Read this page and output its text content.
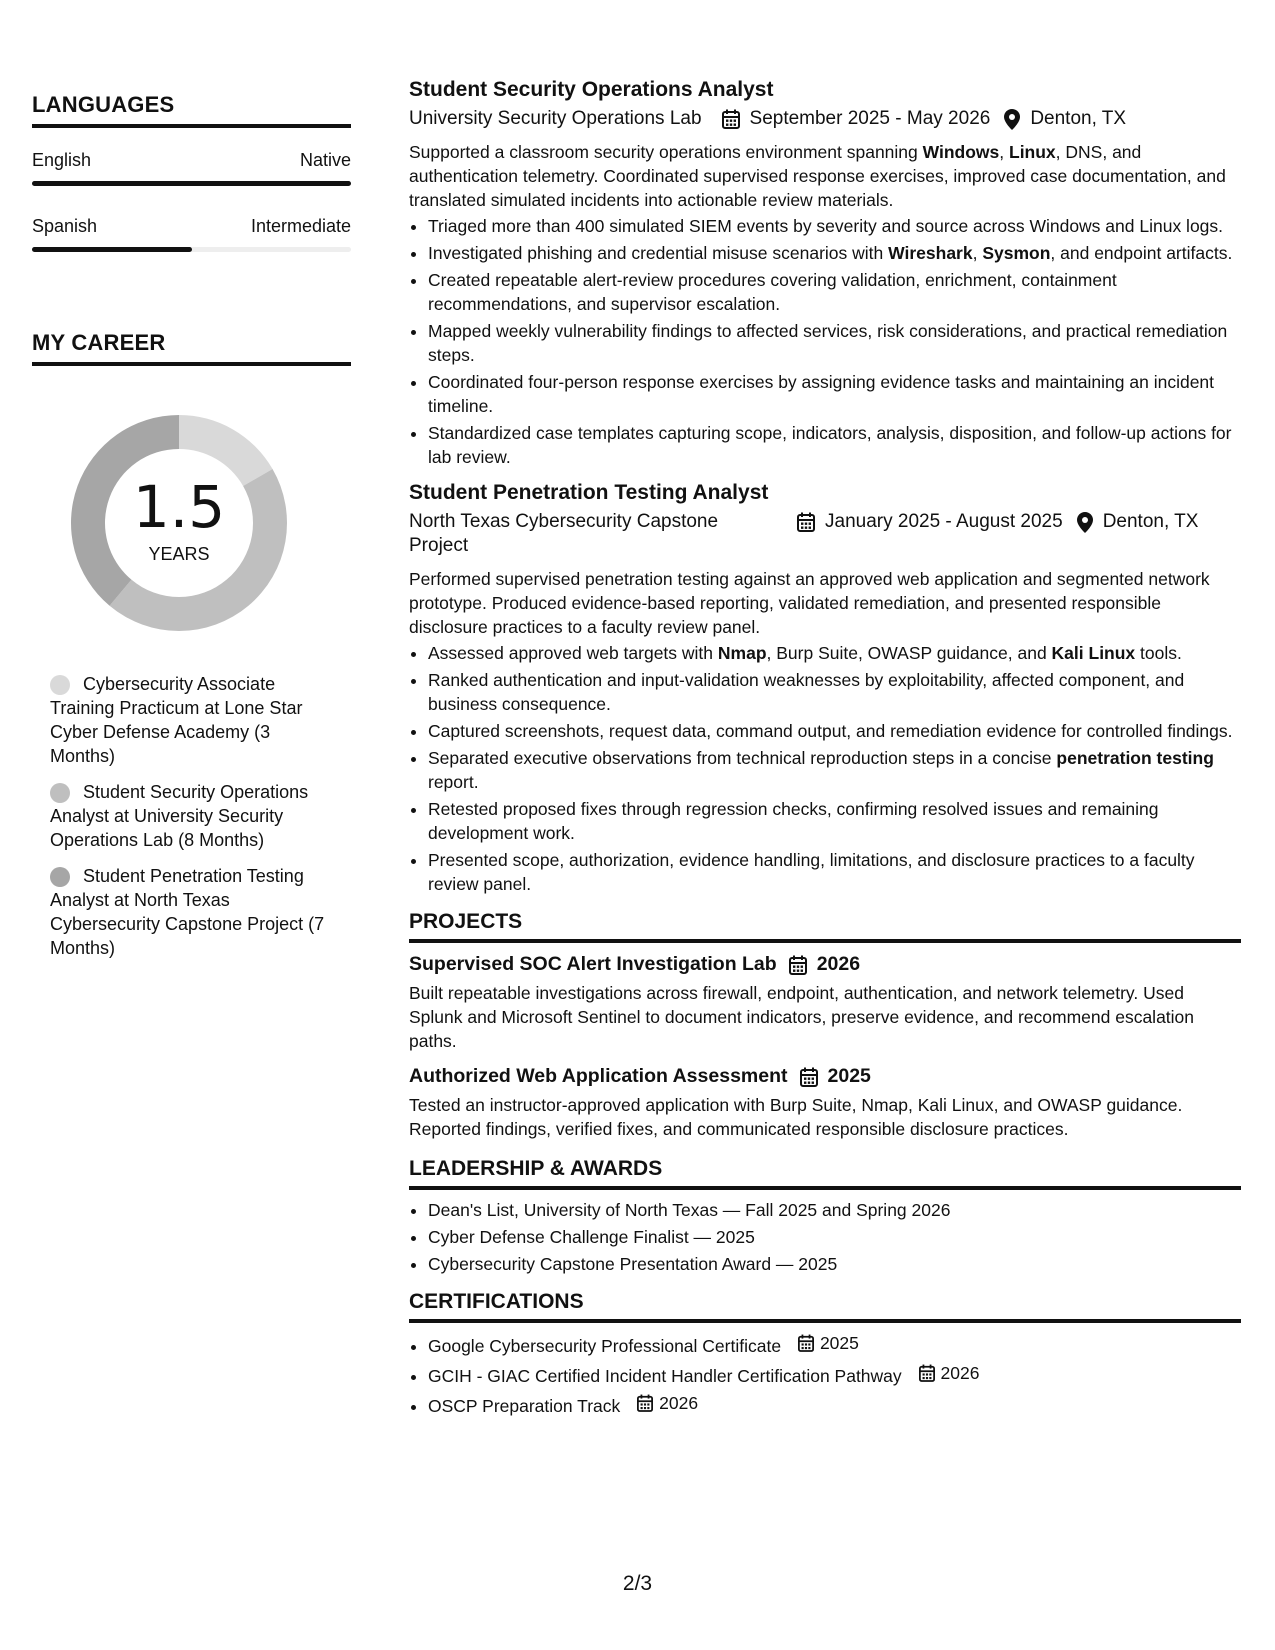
LANGUAGES
English	Native
Spanish	Intermediate
MY CAREER
1.5
YEARS
Cybersecurity Associate Training Practicum at Lone Star Cyber Defense Academy (3 Months)
Student Security Operations Analyst at University Security Operations Lab (8 Months)
Student Penetration Testing Analyst at North Texas Cybersecurity Capstone Project (7 Months)
Student Security Operations Analyst
University Security Operations Lab	September 2025 - May 2026 Denton, TX

Supported a classroom security operations environment spanning Windows, Linux, DNS, and authentication telemetry. Coordinated supervised response exercises, improved case documentation, and translated simulated incidents into actionable review materials.

• Triaged more than 400 simulated SIEM events by severity and source across Windows and Linux logs.
• Investigated phishing and credential misuse scenarios with Wireshark, Sysmon, and endpoint artifacts.
• Created repeatable alert-review procedures covering validation, enrichment, containment recommendations, and supervisor escalation.
• Mapped weekly vulnerability findings to affected services, risk considerations, and practical remediation steps.
• Coordinated four-person response exercises by assigning evidence tasks and maintaining an incident timeline.
• Standardized case templates capturing scope, indicators, analysis, disposition, and follow-up actions for lab review.
Student Penetration Testing Analyst
North Texas Cybersecurity Capstone Project
January 2025 - August 2025 Denton, TX

Performed supervised penetration testing against an approved web application and segmented network prototype. Produced evidence-based reporting, validated remediation, and presented responsible disclosure practices to a faculty review panel.

• Assessed approved web targets with Nmap, Burp Suite, OWASP guidance, and Kali Linux tools.
• Ranked authentication and input-validation weaknesses by exploitability, affected component, and business consequence.
• Captured screenshots, request data, command output, and remediation evidence for controlled findings.
• Separated executive observations from technical reproduction steps in a concise penetration testing report.
• Retested proposed fixes through regression checks, confirming resolved issues and remaining development work.
• Presented scope, authorization, evidence handling, limitations, and disclosure practices to a faculty review panel.
PROJECTS
Supervised SOC Alert Investigation Lab 2026

Built repeatable investigations across firewall, endpoint, authentication, and network telemetry. Used Splunk and Microsoft Sentinel to document indicators, preserve evidence, and recommend escalation paths.

Authorized Web Application Assessment 2025

Tested an instructor-approved application with Burp Suite, Nmap, Kali Linux, and OWASP guidance. Reported findings, verified fixes, and communicated responsible disclosure practices.

LEADERSHIP & AWARDS
• Dean's List, University of North Texas — Fall 2025 and Spring 2026
• Cyber Defense Challenge Finalist — 2025
• Cybersecurity Capstone Presentation Award — 2025
CERTIFICATIONS
• Google Cybersecurity Professional Certificate 2025
• GCIH - GIAC Certified Incident Handler Certification Pathway 2026
• OSCP Preparation Track 2026
2/3
